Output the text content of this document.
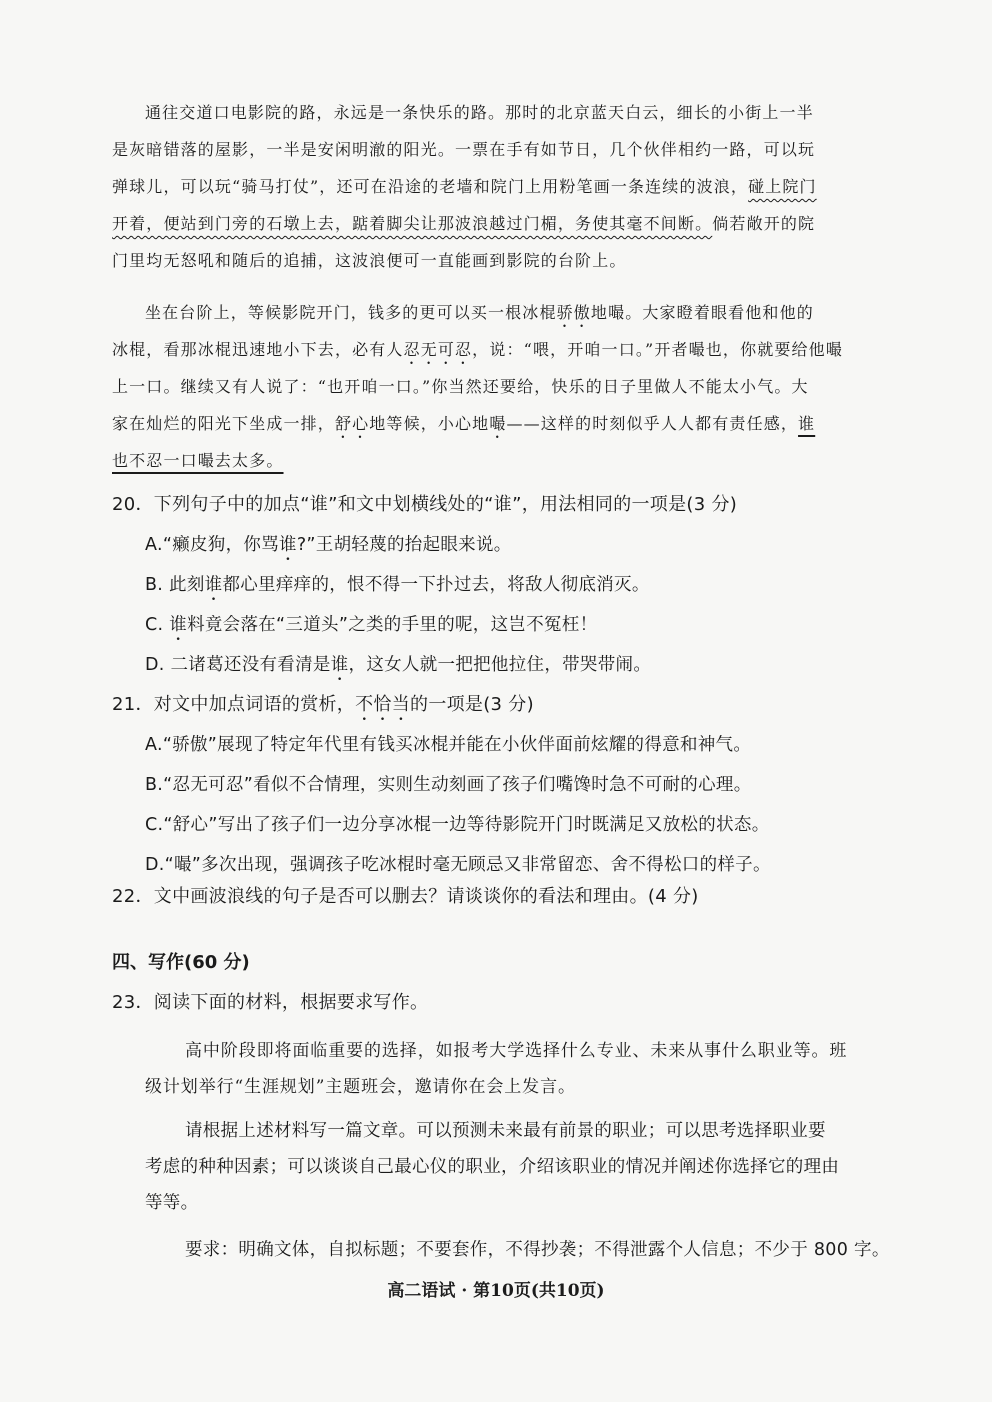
通往交道口电影院的路，永远是一条快乐的路。那时的北京蓝天白云，细长的小街上一半
是灰暗错落的屋影，一半是安闲明澈的阳光。一票在手有如节日，几个伙伴相约一路，可以玩
弹球儿，可以玩“骑马打仗”，还可在沿途的老墙和院门上用粉笔画一条连续的波浪，碰上院门
开着，便站到门旁的石墩上去，踮着脚尖让那波浪越过门楣，务使其毫不间断。倘若敞开的院
门里均无怒吼和随后的追捕，这波浪便可一直能画到影院的台阶上。
坐在台阶上，等候影院开门，钱多的更可以买一根冰棍骄傲地嘬。大家瞪着眼看他和他的
冰棍，看那冰棍迅速地小下去，必有人忍无可忍，说：“喂，开咱一口。”开者嘬也，你就要给他嘬
上一口。继续又有人说了：“也开咱一口。”你当然还要给，快乐的日子里做人不能太小气。大
家在灿烂的阳光下坐成一排，舒心地等候，小心地嘬——这样的时刻似乎人人都有责任感，谁
也不忍一口嘬去太多。
20．下列句子中的加点“谁”和文中划横线处的“谁”，用法相同的一项是(3 分)
A.“癞皮狗，你骂谁?”王胡轻蔑的抬起眼来说。
B. 此刻谁都心里痒痒的，恨不得一下扑过去，将敌人彻底消灭。
C. 谁料竟会落在“三道头”之类的手里的呢，这岂不冤枉！
D. 二诸葛还没有看清是谁，这女人就一把把他拉住，带哭带闹。
21．对文中加点词语的赏析，不恰当的一项是(3 分)
A.“骄傲”展现了特定年代里有钱买冰棍并能在小伙伴面前炫耀的得意和神气。
B.“忍无可忍”看似不合情理，实则生动刻画了孩子们嘴馋时急不可耐的心理。
C.“舒心”写出了孩子们一边分享冰棍一边等待影院开门时既满足又放松的状态。
D.“嘬”多次出现，强调孩子吃冰棍时毫无顾忌又非常留恋、舍不得松口的样子。
22．文中画波浪线的句子是否可以删去？请谈谈你的看法和理由。(4 分)
四、写作(60 分)
23．阅读下面的材料，根据要求写作。
高中阶段即将面临重要的选择，如报考大学选择什么专业、未来从事什么职业等。班
级计划举行“生涯规划”主题班会，邀请你在会上发言。
请根据上述材料写一篇文章。可以预测未来最有前景的职业；可以思考选择职业要
考虑的种种因素；可以谈谈自己最心仪的职业，介绍该职业的情况并阐述你选择它的理由
等等。
要求：明确文体，自拟标题；不要套作，不得抄袭；不得泄露个人信息；不少于 800 字。
高二语试 · 第10页(共10页)
